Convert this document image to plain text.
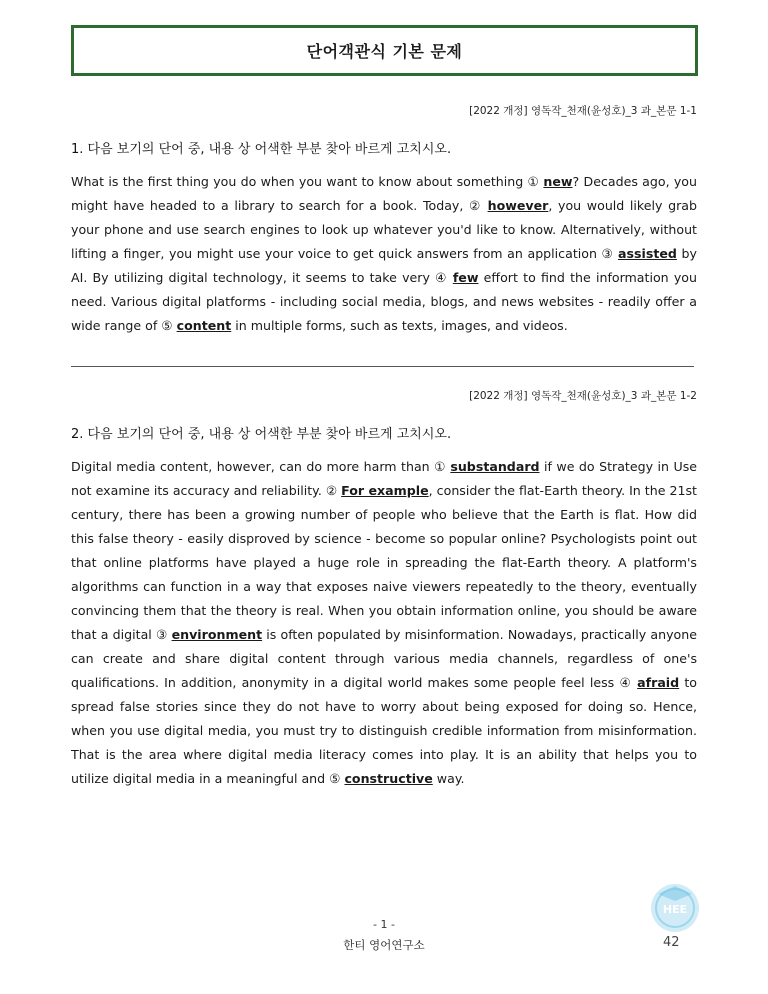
단어객관식 기본 문제
[2022 개정] 영독작_천재(윤성호)_3 과_본문 1-1
1. 다음 보기의 단어 중, 내용 상 어색한 부분 찾아 바르게 고치시오.
What is the first thing you do when you want to know about something ① new? Decades ago, you might have headed to a library to search for a book. Today, ② however, you would likely grab your phone and use search engines to look up whatever you'd like to know. Alternatively, without lifting a finger, you might use your voice to get quick answers from an application ③ assisted by AI. By utilizing digital technology, it seems to take very ④ few effort to find the information you need. Various digital platforms - including social media, blogs, and news websites - readily offer a wide range of ⑤ content in multiple forms, such as texts, images, and videos.
[2022 개정] 영독작_천재(윤성호)_3 과_본문 1-2
2. 다음 보기의 단어 중, 내용 상 어색한 부분 찾아 바르게 고치시오.
Digital media content, however, can do more harm than ① substandard if we do Strategy in Use not examine its accuracy and reliability. ② For example, consider the flat-Earth theory. In the 21st century, there has been a growing number of people who believe that the Earth is flat. How did this false theory - easily disproved by science - become so popular online? Psychologists point out that online platforms have played a huge role in spreading the flat-Earth theory. A platform's algorithms can function in a way that exposes naive viewers repeatedly to the theory, eventually convincing them that the theory is real. When you obtain information online, you should be aware that a digital ③ environment is often populated by misinformation. Nowadays, practically anyone can create and share digital content through various media channels, regardless of one's qualifications. In addition, anonymity in a digital world makes some people feel less ④ afraid to spread false stories since they do not have to worry about being exposed for doing so. Hence, when you use digital media, you must try to distinguish credible information from misinformation. That is the area where digital media literacy comes into play. It is an ability that helps you to utilize digital media in a meaningful and ⑤ constructive way.
HEE
- 1 -
한티 영어연구소	42
